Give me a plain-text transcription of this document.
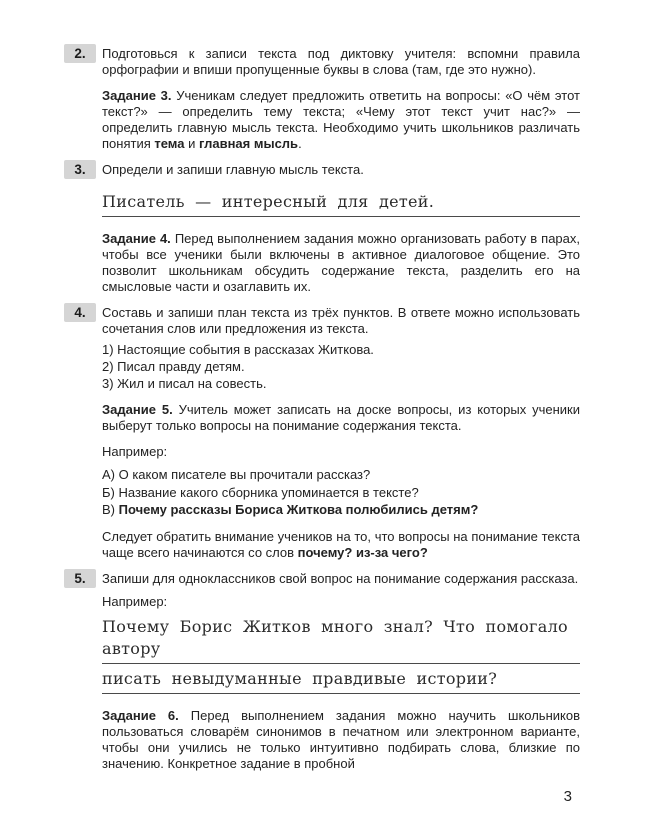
2.	Подготовься к записи текста под диктовку учителя: вспомни правила орфографии и впиши пропущенные буквы в слова (там, где это нужно).

Задание 3. Ученикам следует предложить ответить на вопросы: «О чём этот текст?» — определить тему текста; «Чему этот текст учит нас?» — определить главную мысль текста. Необходимо учить школьников различать понятия тема и главная мысль.

3.	Определи и запиши главную мысль текста.

Писатель — интересный для детей.

Задание 4. Перед выполнением задания можно организовать работу в парах, чтобы все ученики были включены в активное диалоговое общение. Это позволит школьникам обсудить содержание текста, разделить его на смысловые части и озаглавить их.

4.	Составь и запиши план текста из трёх пунктов. В ответе можно использовать сочетания слов или предложения из текста.

1) Настоящие события в рассказах Житкова.
2) Писал правду детям.
3) Жил и писал на совесть.

Задание 5. Учитель может записать на доске вопросы, из которых ученики выберут только вопросы на понимание содержания текста.

Например:

А) О каком писателе вы прочитали рассказ?
Б) Название какого сборника упоминается в тексте?
В) Почему рассказы Бориса Житкова полюбились детям?

Следует обратить внимание учеников на то, что вопросы на понимание текста чаще всего начинаются со слов почему? из-за чего?

5.	Запиши для одноклассников свой вопрос на понимание содержания рассказа.

Например:

Почему Борис Житков много знал? Что помогало автору
писать невыдуманные правдивые истории?

Задание 6. Перед выполнением задания можно научить школьников пользоваться словарём синонимов в печатном или электронном варианте, чтобы они учились не только интуитивно подбирать слова, близкие по значению. Конкретное задание в пробной

3
